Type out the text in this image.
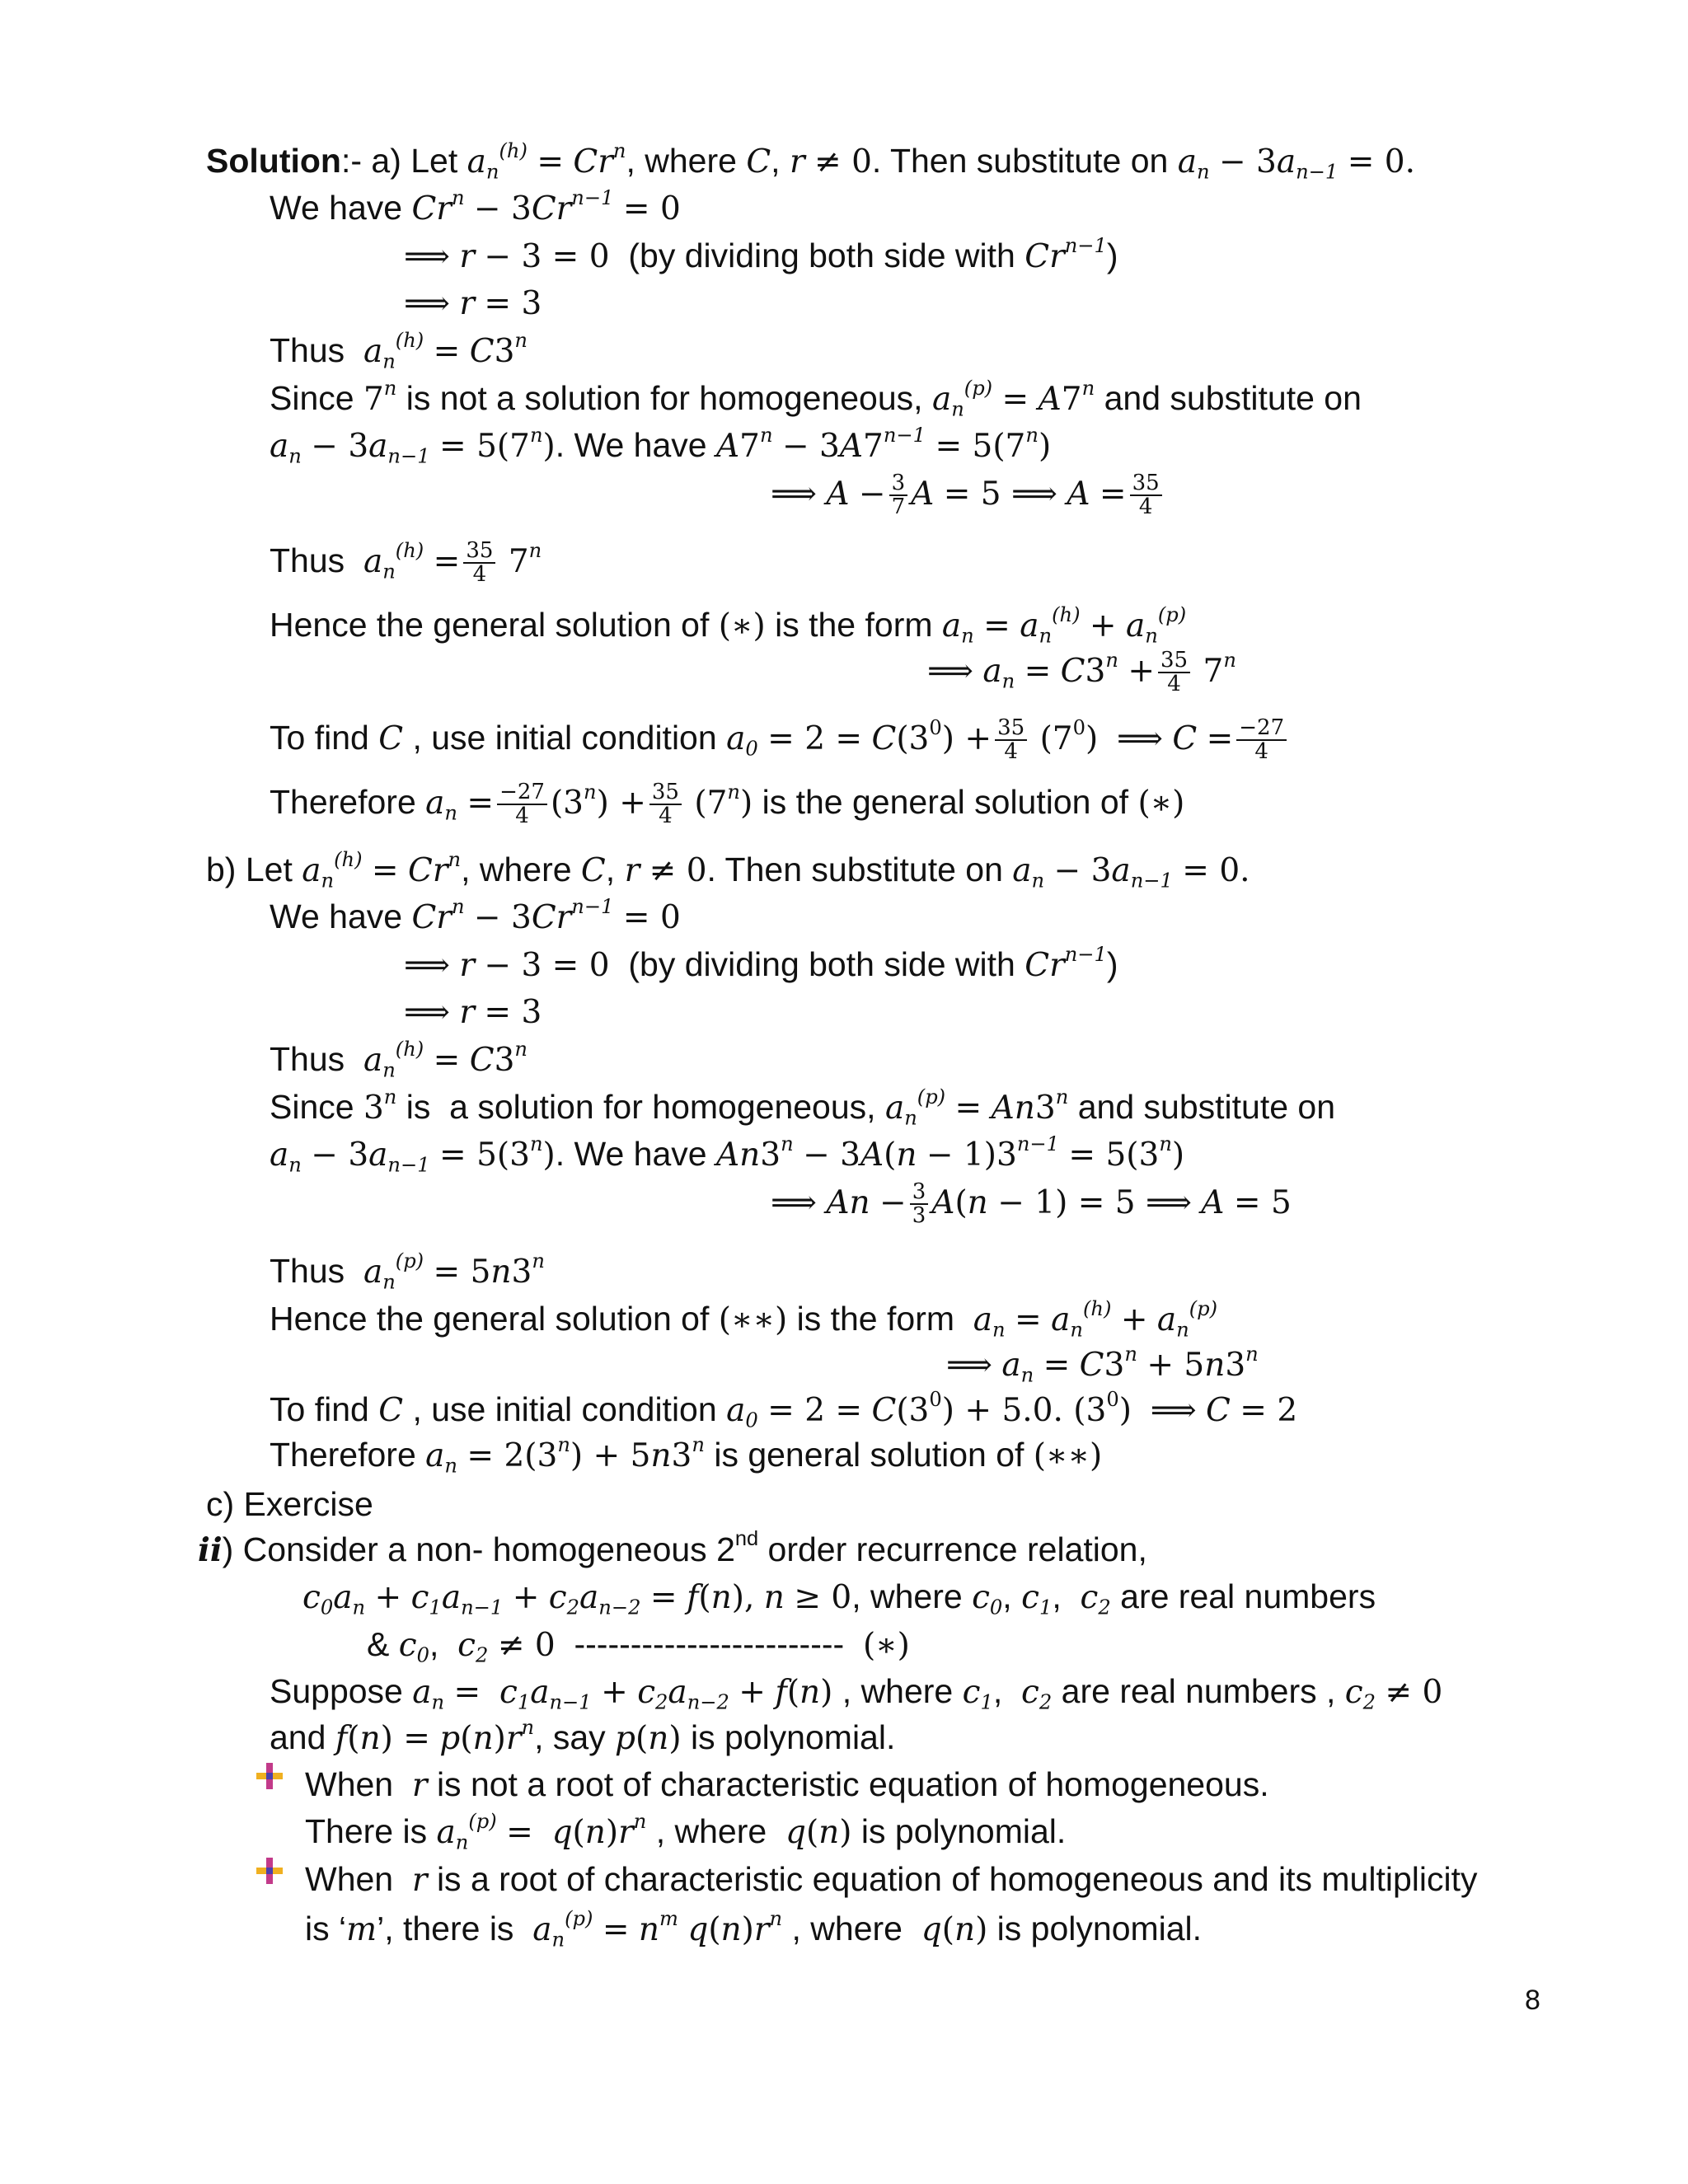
Solution:- a) Let $a_n^{(h)} = Cr^n$, where C, r ≠ 0. Then substitute on $a_n - 3a_{n-1} = 0$.
We have $Cr^n - 3Cr^{n-1} = 0$
⟹ r − 3 = 0  (by dividing both side with $Cr^{n-1}$)
⟹ r = 3
Thus  $a_n^{(h)} = C3^n$
Since 7$^n$ is not a solution for homogeneous, $a_n^{(p)} = A7^n$ and substitute on
$a_n - 3a_{n-1} = 5(7^n)$. We have $A7^n - 3A7^{n-1} = 5(7^n)$
⟹ $A - \frac{3}{7}$ A = 5 ⟹ $A = \frac{35}{4}$
Thus  $a_n^{(h)} = \frac{35}{4} 7^n$
Hence the general solution of (∗) is the form $a_n = a_n^{(h)} + a_n^{(p)}$
⟹ $a_n = C3^n + \frac{35}{4} 7^n$
To find C , use initial condition $a_0 = 2 = C(3^0) + \frac{35}{4} (7^0)$ ⟹ $C = \frac{-27}{4}$
Therefore $a_n = \frac{-27}{4} (3^n) + \frac{35}{4} (7^n)$ is the general solution of (∗)
b) Let $a_n^{(h)} = Cr^n$, where C, r ≠ 0. Then substitute on $a_n - 3a_{n-1} = 0$.
We have $Cr^n - 3Cr^{n-1} = 0$
⟹ r − 3 = 0  (by dividing both side with $Cr^{n-1}$)
⟹ r = 3
Thus  $a_n^{(h)} = C3^n$
Since 3$^n$ is  a solution for homogeneous, $a_n^{(p)} = An3^n$ and substitute on
$a_n - 3a_{n-1} = 5(3^n)$. We have $An3^n - 3A(n - 1)3^{n-1} = 5(3^n)$
⟹ $An - \frac{3}{3} A(n - 1) = 5$ ⟹ A = 5
Thus  $a_n^{(p)} = 5n3^n$
Hence the general solution of (∗∗) is the form  $a_n = a_n^{(h)} + a_n^{(p)}$
⟹ $a_n = C3^n + 5n3^n$
To find C , use initial condition $a_0 = 2 = C(3^0) + 5.0$. $(3^0)$ ⟹ C = 2
Therefore $a_n = 2(3^n) + 5n3^n$ is general solution of (∗∗)
c) Exercise
ii) Consider a non- homogeneous 2nd order recurrence relation,
$c_0a_n + c_1a_{n-1} + c_2a_{n-2} = f(n)$, n ≥ 0, where $c_0$, $c_1$,  $c_2$ are real numbers
& $c_0$,  $c_2 \ne 0$  ------------------------  (∗)
Suppose $a_n = c_1a_{n-1} + c_2a_{n-2} + f(n)$ , where $c_1$,  $c_2$ are real numbers , $c_2 \ne 0$
and $f(n) = p(n)r^n$, say p(n) is polynomial.
When  r is not a root of characteristic equation of homogeneous.
There is $a_n^{(p)} = q(n)r^n$ , where  q(n) is polynomial.
When  r is a root of characteristic equation of homogeneous and its multiplicity
is ‘m’, there is  $a_n^{(p)} = n^m$ $q(n)r^n$ , where  q(n) is polynomial.
8
